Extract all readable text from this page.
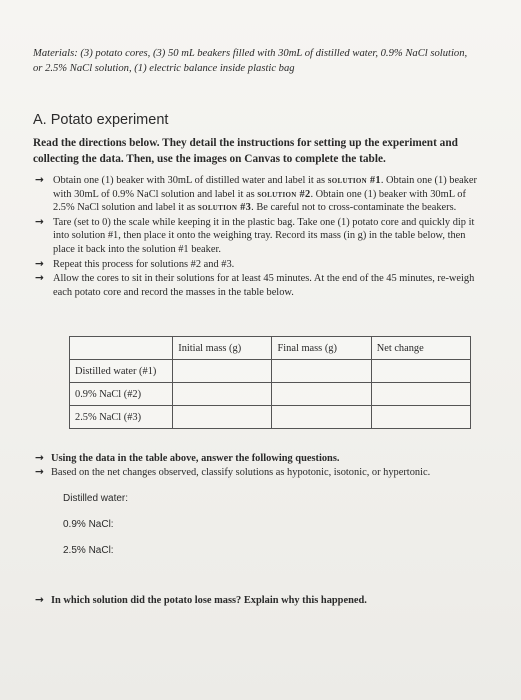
Materials: (3) potato cores, (3) 50 mL beakers filled with 30mL of distilled water, 0.9% NaCl solution, or 2.5% NaCl solution, (1) electric balance inside plastic bag
A. Potato experiment
Read the directions below. They detail the instructions for setting up the experiment and collecting the data. Then, use the images on Canvas to complete the table.
→ Obtain one (1) beaker with 30mL of distilled water and label it as solution #1. Obtain one (1) beaker with 30mL of 0.9% NaCl solution and label it as solution #2. Obtain one (1) beaker with 30mL of 2.5% NaCl solution and label it as solution #3. Be careful not to cross-contaminate the beakers.
→ Tare (set to 0) the scale while keeping it in the plastic bag. Take one (1) potato core and quickly dip it into solution #1, then place it onto the weighing tray. Record its mass (in g) in the table below, then place it back into the solution #1 beaker.
→ Repeat this process for solutions #2 and #3.
→ Allow the cores to sit in their solutions for at least 45 minutes. At the end of the 45 minutes, re-weigh each potato core and record the masses in the table below.
	Initial mass (g)	Final mass (g)	Net change
Distilled water (#1)			
0.9% NaCl (#2)			
2.5% NaCl (#3)			
→ Using the data in the table above, answer the following questions.
→ Based on the net changes observed, classify solutions as hypotonic, isotonic, or hypertonic.
Distilled water:
0.9% NaCl:
2.5% NaCl:
→ In which solution did the potato lose mass? Explain why this happened.
